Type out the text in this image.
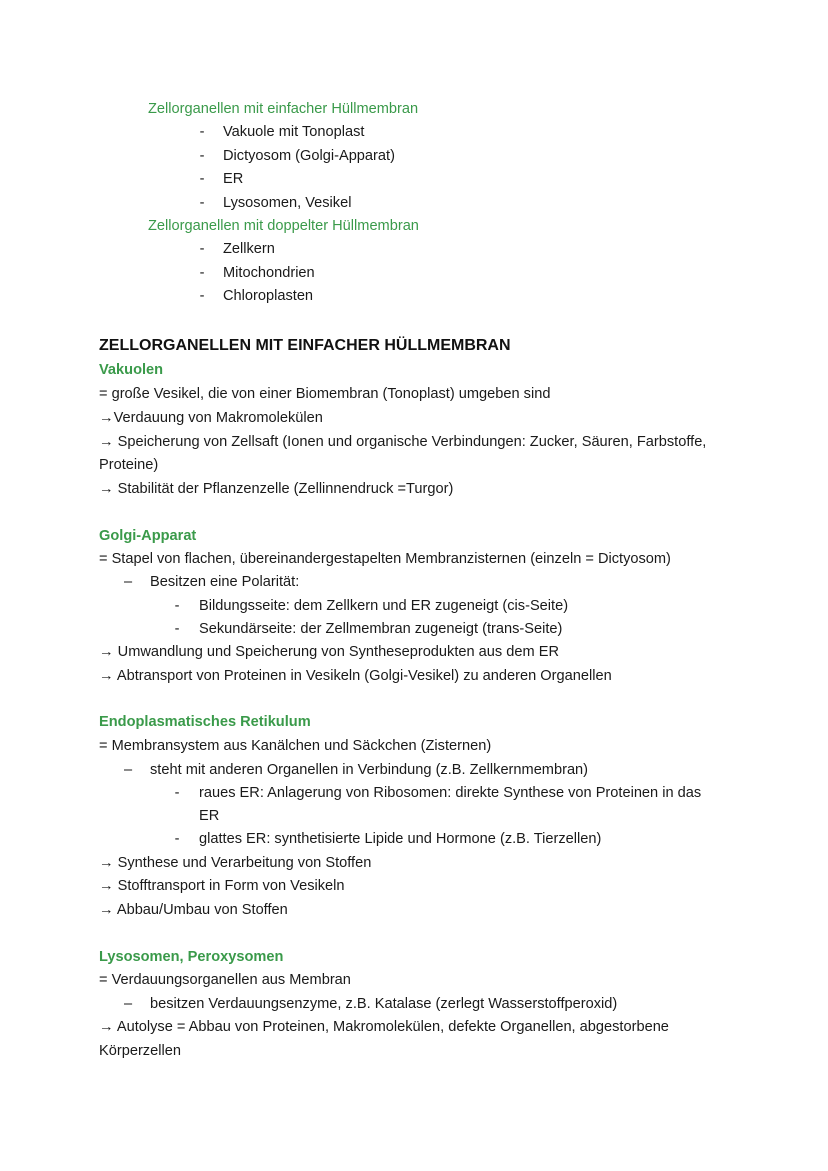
Zellorganellen mit einfacher Hüllmembran
- Vakuole mit Tonoplast
- Dictyosom (Golgi-Apparat)
- ER
- Lysosomen, Vesikel
Zellorganellen mit doppelter Hüllmembran
- Zellkern
- Mitochondrien
- Chloroplasten
ZELLORGANELLEN MIT EINFACHER HÜLLMEMBRAN
Vakuolen
= große Vesikel, die von einer Biomembran (Tonoplast) umgeben sind
→Verdauung von Makromolekülen
→ Speicherung von Zellsaft (Ionen und organische Verbindungen: Zucker, Säuren, Farbstoffe,
Proteine)
→ Stabilität der Pflanzenzelle (Zellinnendruck =Turgor)
Golgi-Apparat
= Stapel von flachen, übereinandergestapelten Membranzisternen (einzeln = Dictyosom)
– Besitzen eine Polarität:
- Bildungsseite: dem Zellkern und ER zugeneigt (cis-Seite)
- Sekundärseite: der Zellmembran zugeneigt (trans-Seite)
→ Umwandlung und Speicherung von Syntheseprodukten aus dem ER
→ Abtransport von Proteinen in Vesikeln (Golgi-Vesikel) zu anderen Organellen
Endoplasmatisches Retikulum
= Membransystem aus Kanälchen und Säckchen (Zisternen)
– steht mit anderen Organellen in Verbindung (z.B. Zellkernmembran)
- raues ER: Anlagerung von Ribosomen: direkte Synthese von Proteinen in das
ER
- glattes ER: synthetisierte Lipide und Hormone (z.B. Tierzellen)
→ Synthese und Verarbeitung von Stoffen
→ Stofftransport in Form von Vesikeln
→ Abbau/Umbau von Stoffen
Lysosomen, Peroxysomen
= Verdauungsorganellen aus Membran
– besitzen Verdauungsenzyme, z.B. Katalase (zerlegt Wasserstoffperoxid)
→ Autolyse = Abbau von Proteinen, Makromolekülen, defekte Organellen, abgestorbene
Körperzellen
